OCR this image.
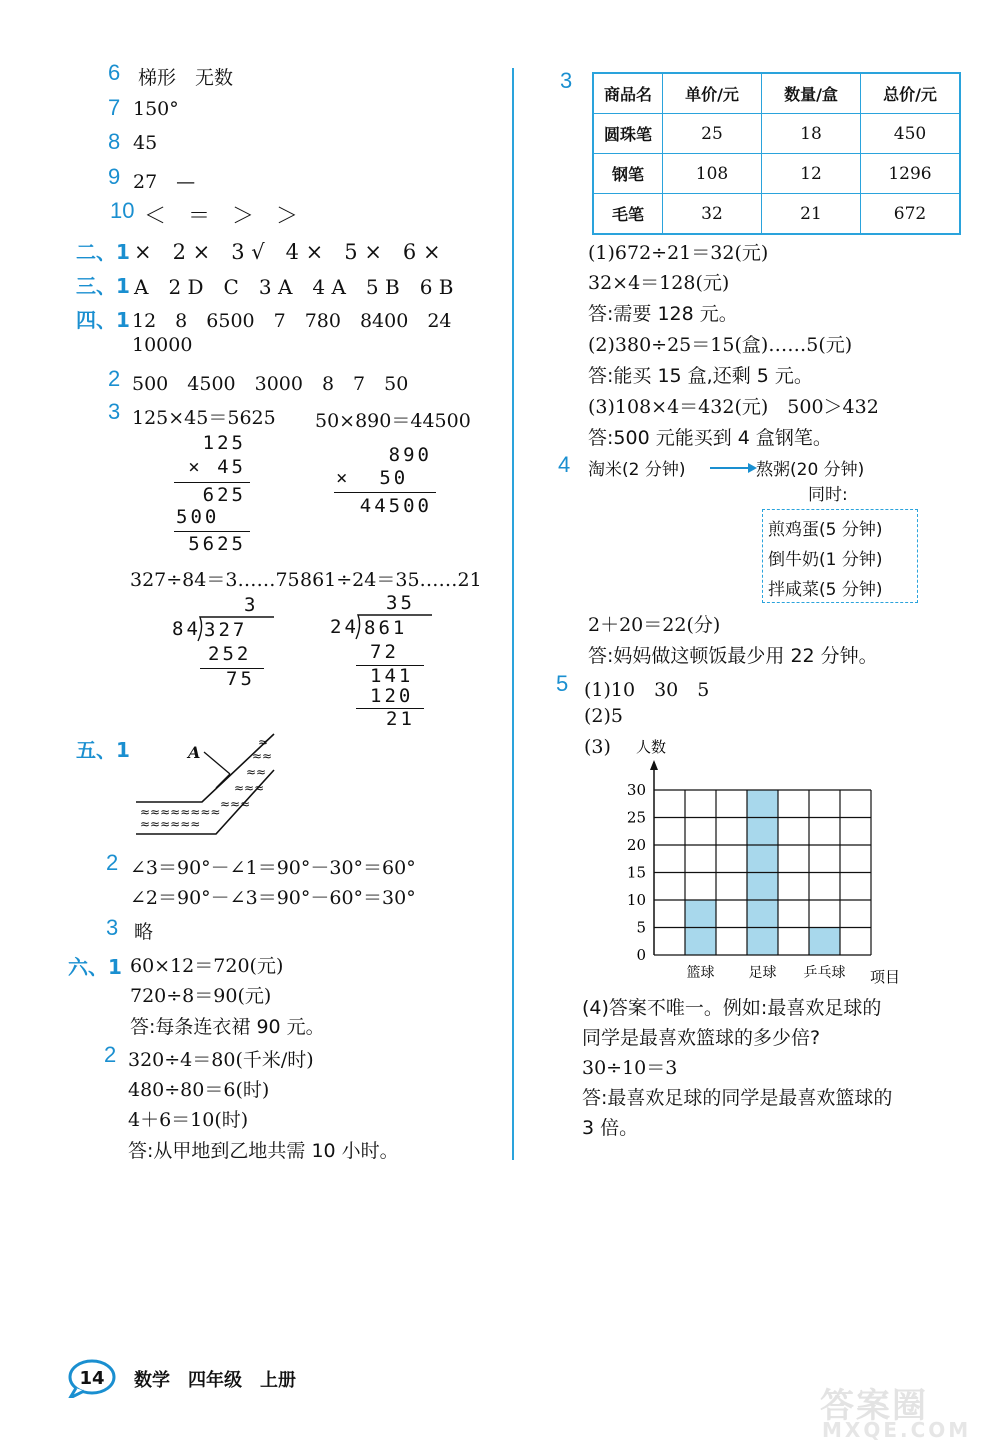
6 梯形　无数
7 150°
8 45
9 27　—
10 ＜　＝　＞　＞
二、1 ×　2 ×　3 √　4 ×　5 ×　6 ×
三、1 A　2 D　C　3 A　4 A　5 B　6 B
四、1 12　8　6500　7　780　8400　24
10000
2 500　4500　3000　8　7　50
3 125×45＝5625 50×890＝44500
125
× 45
625
500
5625
890
×  50
44500
327÷84＝3……75 861÷24＝35……21
3
84 327
252
75
35
24 861
72
141
120
21
五、1	A
≈≈≈≈≈≈≈≈
≈≈≈≈≈≈
≈≈≈
≈≈≈
≈≈
≈≈
≈
2 ∠3＝90°－∠1＝90°－30°＝60°
∠2＝90°－∠3＝90°－60°＝30°
3 略
六、1 60×12＝720(元)
720÷8＝90(元)
答:每条连衣裙 90 元。
2 320÷4＝80(千米/时)
480÷80＝6(时)
4＋6＝10(时)
答:从甲地到乙地共需 10 小时。
3
商品名	单价/元	数量/盒	总价/元
圆珠笔	25	18	450
钢笔	108	12	1296
毛笔	32	21	672
(1)672÷21＝32(元)
32×4＝128(元)
答:需要 128 元。
(2)380÷25＝15(盒)……5(元)
答:能买 15 盒,还剩 5 元。
(3)108×4＝432(元)　500＞432
答:500 元能买到 4 盒钢笔。
4 淘米(2 分钟)	熬粥(20 分钟)
同时:
煎鸡蛋(5 分钟)
倒牛奶(1 分钟)
拌咸菜(5 分钟)
2＋20＝22(分)
答:妈妈做这顿饭最少用 22 分钟。
5 (1)10　30　5
(2)5
(3) 人数
项目
篮球 足球 乒乓球
0
5
10
15
20
25
30
(4)答案不唯一。例如:最喜欢足球的
同学是最喜欢篮球的多少倍?
30÷10＝3
答:最喜欢足球的同学是最喜欢篮球的
3 倍。
14 数学　四年级　上册
答案圈
MXQE.COM
